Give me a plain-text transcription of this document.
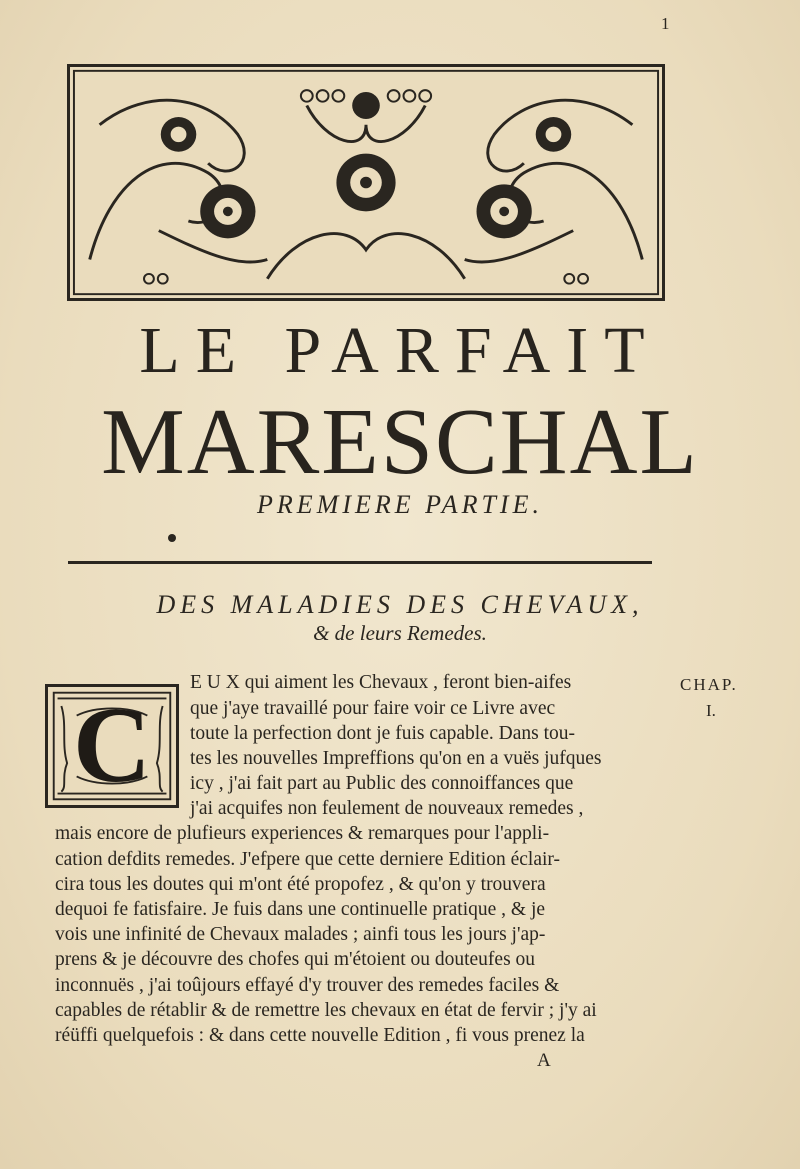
1
LE PARFAIT
MARESCHAL
PREMIERE PARTIE.
DES MALADIES DES CHEVAUX,
& de leurs Remedes.
C
CHAP.
I.
E U X qui aiment les Chevaux , feront bien-aifes
que j'aye travaillé pour faire voir ce Livre avec
toute la perfection dont je fuis capable. Dans tou-
tes les nouvelles Impreffions qu'on en a vuës jufques
icy , j'ai fait part au Public des connoiffances que
j'ai acquifes non feulement de nouveaux remedes ,
mais encore de plufieurs experiences & remarques pour l'appli-
cation defdits remedes. J'efpere que cette derniere Edition éclair-
cira tous les doutes qui m'ont été propofez , & qu'on y trouvera
dequoi fe fatisfaire. Je fuis dans une continuelle pratique , & je
vois une infinité de Chevaux malades ; ainfi tous les jours j'ap-
prens & je découvre des chofes qui m'étoient ou douteufes ou
inconnuës , j'ai toûjours effayé d'y trouver des remedes faciles &
capables de rétablir & de remettre les chevaux en état de fervir ; j'y ai
réüffi quelquefois : & dans cette nouvelle Edition , fi vous prenez la
A
